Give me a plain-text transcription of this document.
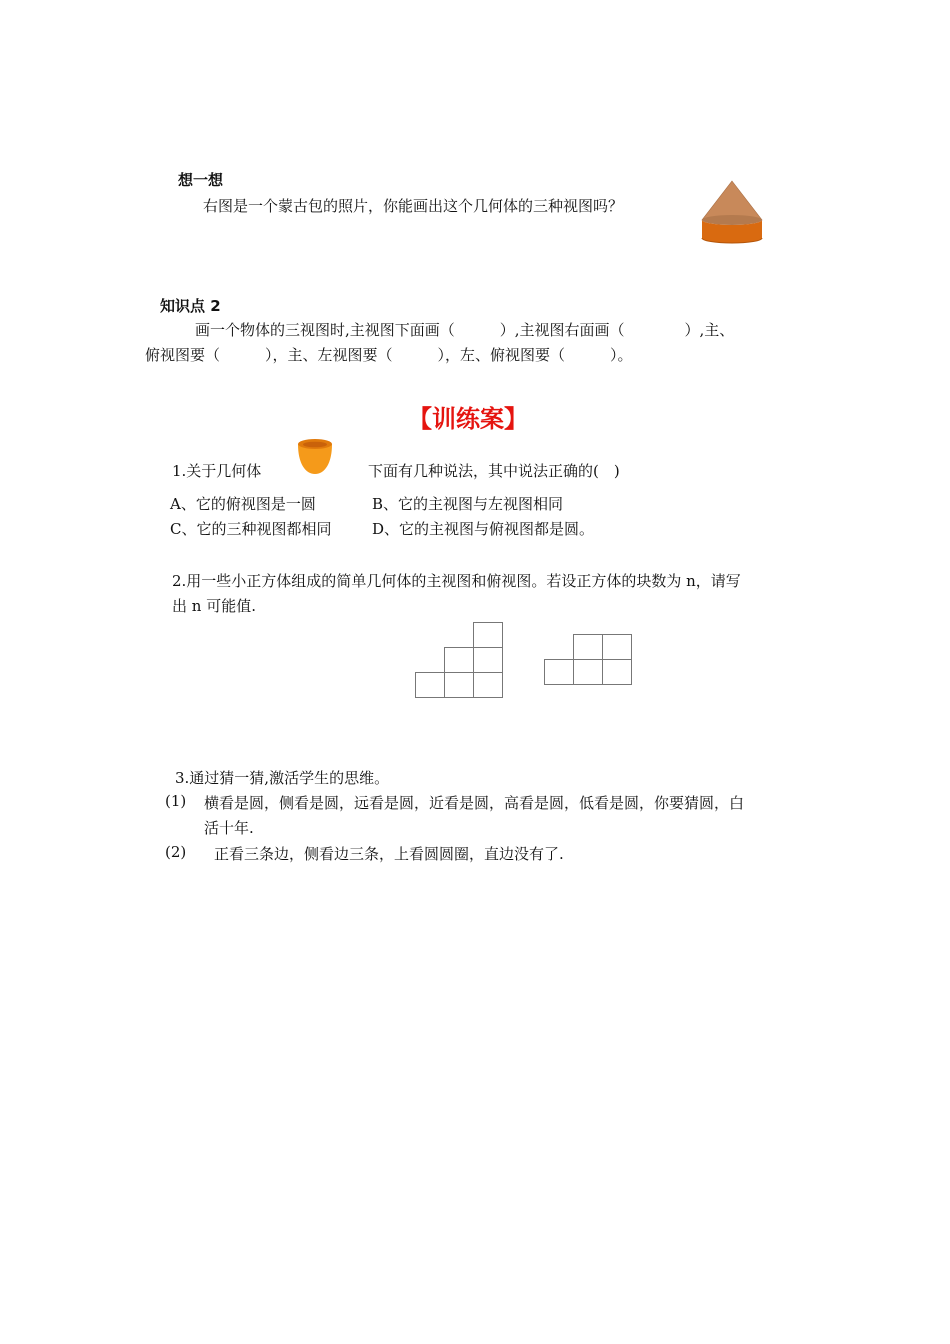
想一想
右图是一个蒙古包的照片，你能画出这个几何体的三种视图吗？
知识点 2
画一个物体的三视图时,主视图下面画（　　　）,主视图右面画（　　　　）,主、
俯视图要（　　　），主、左视图要（　　　），左、俯视图要（　　　）。
【训练案】
1.关于几何体	下面有几种说法，其中说法正确的(　)
A、它的俯视图是一圆	B、它的主视图与左视图相同
C、它的三种视图都相同	D、它的主视图与俯视图都是圆。
2.用一些小正方体组成的简单几何体的主视图和俯视图。若设正方体的块数为 n，请写
出 n 可能值.
3.通过猜一猜,激活学生的思维。
(1) 横看是圆，侧看是圆，远看是圆，近看是圆，高看是圆，低看是圆，你要猜圆，白
活十年.
(2) 正看三条边，侧看边三条，上看圆圆圈，直边没有了.
